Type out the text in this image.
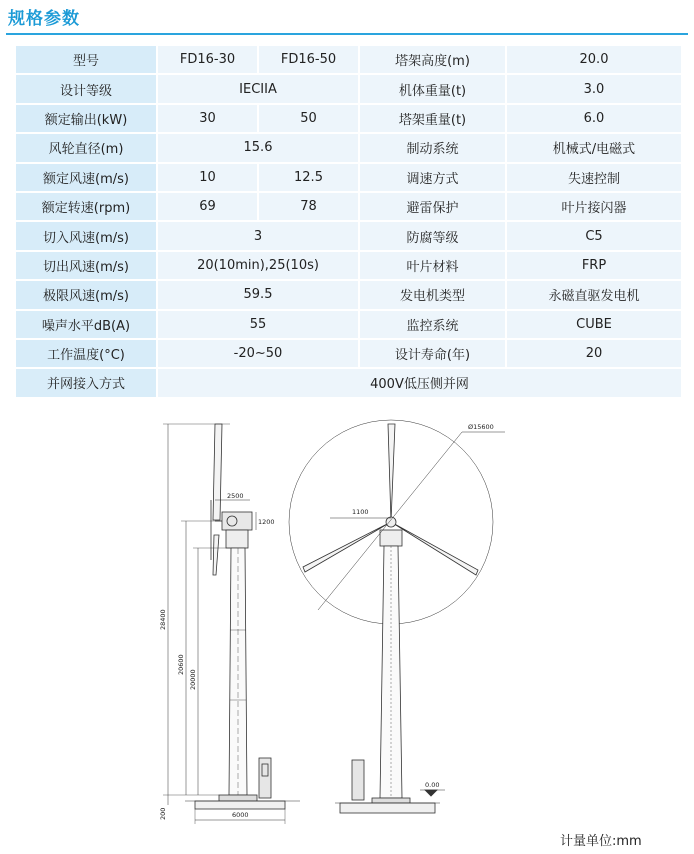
规格参数
型号	FD16-30	FD16-50	塔架高度(m)	20.0
设计等级	IECIIA		机体重量(t)	3.0
额定输出(kW)	30	50	塔架重量(t)	6.0
风轮直径(m)	15.6		制动系统	机械式/电磁式
额定风速(m/s)	10	12.5	调速方式	失速控制
额定转速(rpm)	69	78	避雷保护	叶片接闪器
切入风速(m/s)	3		防腐等级	C5
切出风速(m/s)	20(10min),25(10s)		叶片材料	FRP
极限风速(m/s)	59.5		发电机类型	永磁直驱发电机
噪声水平dB(A)	55		监控系统	CUBE
工作温度(°C)	-20~50		设计寿命(年)	20
并网接入方式	400V低压侧并网			
2500
1200
28400
20600
20000
200	6000
Ø15600
1100
0.00
计量单位:mm
